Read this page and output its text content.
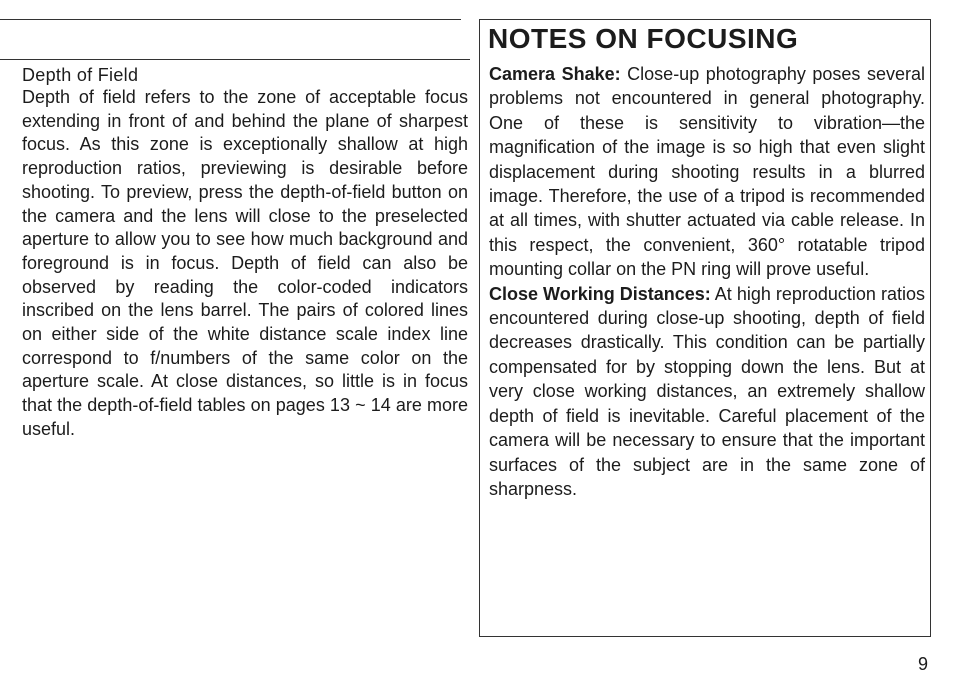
Depth of Field

Depth of field refers to the zone of acceptable focus extending in front of and behind the plane of sharpest focus. As this zone is exceptionally shallow at high reproduction ratios, previewing is desirable before shooting. To preview, press the depth-of-field button on the camera and the lens will close to the preselected aperture to allow you to see how much background and foreground is in focus. Depth of field can also be observed by reading the color-coded indicators inscribed on the lens barrel. The pairs of colored lines on either side of the white distance scale index line correspond to f/numbers of the same color on the aperture scale. At close distances, so little is in focus that the depth-of-field tables on pages 13 ~ 14 are more useful.

NOTES ON FOCUSING

Camera Shake: Close-up photography poses several problems not encountered in general photography. One of these is sensitivity to vibration—the magnification of the image is so high that even slight displacement during shooting results in a blurred image. Therefore, the use of a tripod is recommended at all times, with shutter actuated via cable release. In this respect, the convenient, 360° rotatable tripod mounting collar on the PN ring will prove useful.

Close Working Distances: At high reproduction ratios encountered during close-up shooting, depth of field decreases drastically. This condition can be partially compensated for by stopping down the lens. But at very close working distances, an extremely shallow depth of field is inevitable. Careful placement of the camera will be necessary to ensure that the important surfaces of the subject are in the same zone of sharpness.

9
